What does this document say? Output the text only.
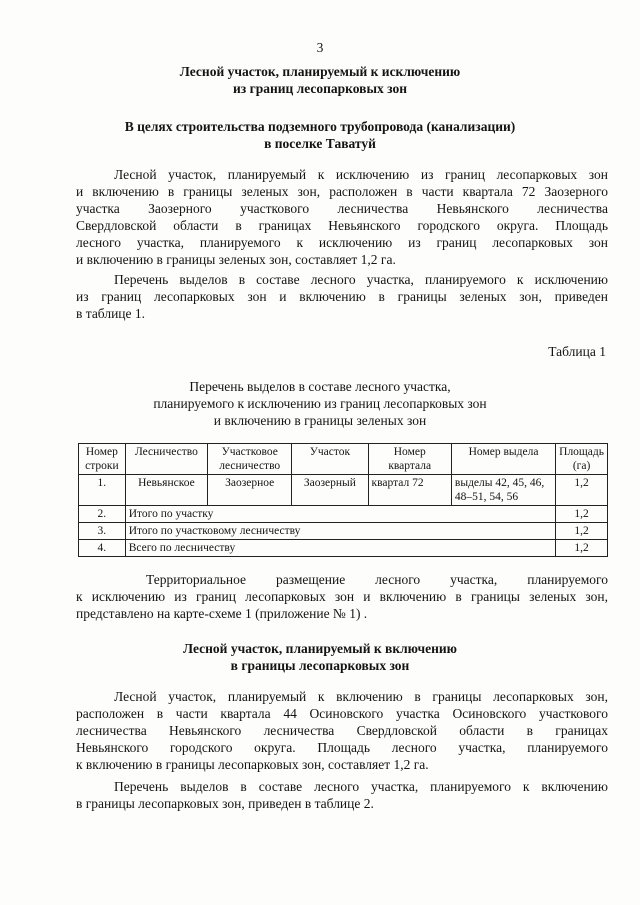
3
Лесной участок, планируемый к исключению
из границ лесопарковых зон
В целях строительства подземного трубопровода (канализации)
в поселке Таватуй
Лесной участок, планируемый к исключению из границ лесопарковых зон
и включению в границы зеленых зон, расположен в части квартала 72 Заозерного
участка Заозерного участкового лесничества Невьянского лесничества
Свердловской области в границах Невьянского городского округа. Площадь
лесного участка, планируемого к исключению из границ лесопарковых зон
и включению в границы зеленых зон, составляет 1,2 га.
Перечень выделов в составе лесного участка, планируемого к исключению
из границ лесопарковых зон и включению в границы зеленых зон, приведен
в таблице 1.
Таблица 1
Перечень выделов в составе лесного участка,
планируемого к исключению из границ лесопарковых зон
и включению в границы зеленых зон
Номер строки	Лесничество	Участковое лесничество	Участок	Номер квартала	Номер выдела	Площадь (га)
1.	Невьянское	Заозерное	Заозерный	квартал 72	выделы 42, 45, 46, 48–51, 54, 56	1,2
2.	Итого по участку					1,2
3.	Итого по участковому лесничеству					1,2
4.	Всего по лесничеству					1,2
Территориальное размещение лесного участка, планируемого
к исключению из границ лесопарковых зон и включению в границы зеленых зон,
представлено на карте-схеме 1 (приложение № 1) .
Лесной участок, планируемый к включению
в границы лесопарковых зон
Лесной участок, планируемый к включению в границы лесопарковых зон,
расположен в части квартала 44 Осиновского участка Осиновского участкового
лесничества Невьянского лесничества Свердловской области в границах
Невьянского городского округа. Площадь лесного участка, планируемого
к включению в границы лесопарковых зон, составляет 1,2 га.
Перечень выделов в составе лесного участка, планируемого к включению
в границы лесопарковых зон, приведен в таблице 2.
